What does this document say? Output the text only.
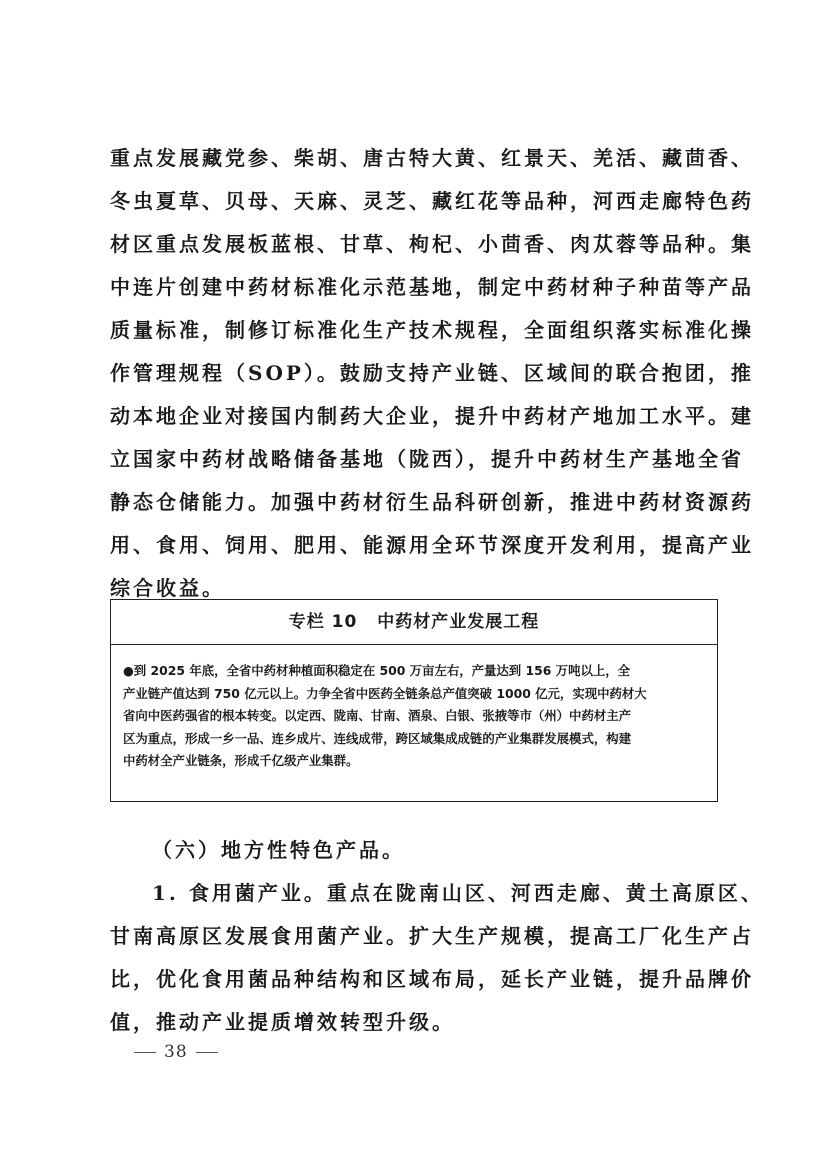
重点发展藏党参、柴胡、唐古特大黄、红景天、羌活、藏茴香、
冬虫夏草、贝母、天麻、灵芝、藏红花等品种，河西走廊特色药
材区重点发展板蓝根、甘草、枸杞、小茴香、肉苁蓉等品种。集
中连片创建中药材标准化示范基地，制定中药材种子种苗等产品
质量标准，制修订标准化生产技术规程，全面组织落实标准化操
作管理规程（SOP）。鼓励支持产业链、区域间的联合抱团，推
动本地企业对接国内制药大企业，提升中药材产地加工水平。建
立国家中药材战略储备基地（陇西），提升中药材生产基地全省
静态仓储能力。加强中药材衍生品科研创新，推进中药材资源药
用、食用、饲用、肥用、能源用全环节深度开发利用，提高产业
综合收益。
专栏 10 中药材产业发展工程
●到 2025 年底，全省中药材种植面积稳定在 500 万亩左右，产量达到 156 万吨以上，全
产业链产值达到 750 亿元以上。力争全省中医药全链条总产值突破 1000 亿元，实现中药材大
省向中医药强省的根本转变。以定西、陇南、甘南、酒泉、白银、张掖等市（州）中药材主产
区为重点，形成一乡一品、连乡成片、连线成带，跨区域集成成链的产业集群发展模式，构建
中药材全产业链条，形成千亿级产业集群。
（六）地方性特色产品。
1. 食用菌产业。重点在陇南山区、河西走廊、黄土高原区、
甘南高原区发展食用菌产业。扩大生产规模，提高工厂化生产占
比，优化食用菌品种结构和区域布局，延长产业链，提升品牌价
值，推动产业提质增效转型升级。
38
